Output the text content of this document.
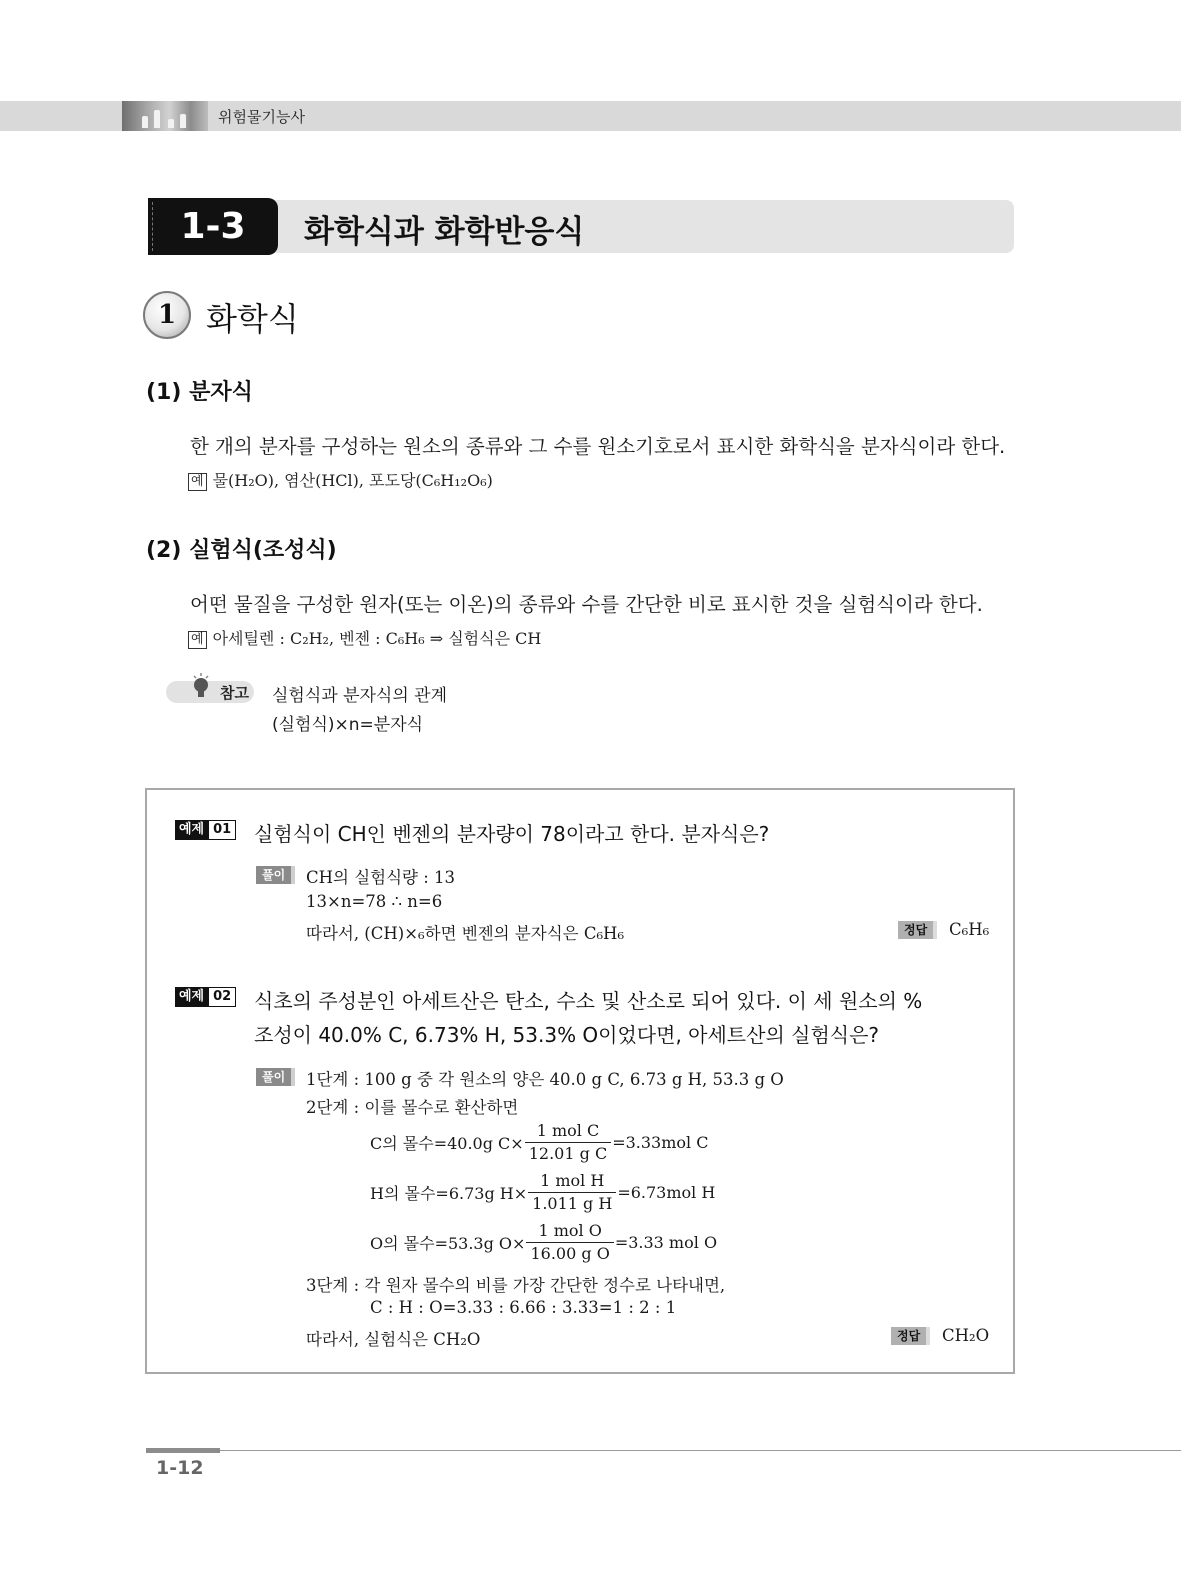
위험물기능사
1-3	화학식과 화학반응식
1 화학식
(1) 분자식
한 개의 분자를 구성하는 원소의 종류와 그 수를 원소기호로서 표시한 화학식을 분자식이라 한다.
예 물(H₂O), 염산(HCl), 포도당(C₆H₁₂O₆)
(2) 실험식(조성식)
어떤 물질을 구성한 원자(또는 이온)의 종류와 수를 간단한 비로 표시한 것을 실험식이라 한다.
예 아세틸렌 : C₂H₂, 벤젠 : C₆H₆ ⇒ 실험식은 CH
참고 실험식과 분자식의 관계
(실험식)×n=분자식
예제 01 실험식이 CH인 벤젠의 분자량이 78이라고 한다. 분자식은?
풀이	CH의 실험식량 : 13
13×n=78 ∴ n=6
따라서, (CH)×₆하면 벤젠의 분자식은 C₆H₆	정답	C₆H₆
예제 02 식초의 주성분인 아세트산은 탄소, 수소 및 산소로 되어 있다. 이 세 원소의 %
조성이 40.0% C, 6.73% H, 53.3% O이었다면, 아세트산의 실험식은?
풀이	1단계 : 100 g 중 각 원소의 양은 40.0 g C, 6.73 g H, 53.3 g O
2단계 : 이를 몰수로 환산하면
C의 몰수=40.0g $C\times \frac{\text{1 mol C}}{\text{12.01 g C}} =3.33mol$ C
H의 몰수=6.73g $H\times \frac{\text{1 mol H}}{\text{1.011 g H}} =6.73mol$ H
O의 몰수=53.3g $O\times \frac{\text{1 mol O}}{\text{16.00 g O}} =3.33$ mol O
3단계 : 각 원자 몰수의 비를 가장 간단한 정수로 나타내면,
C : H : O=3.33 : 6.66 : 3.33=1 : 2 : 1
따라서, 실험식은 CH₂O	정답	CH₂O
1-12
